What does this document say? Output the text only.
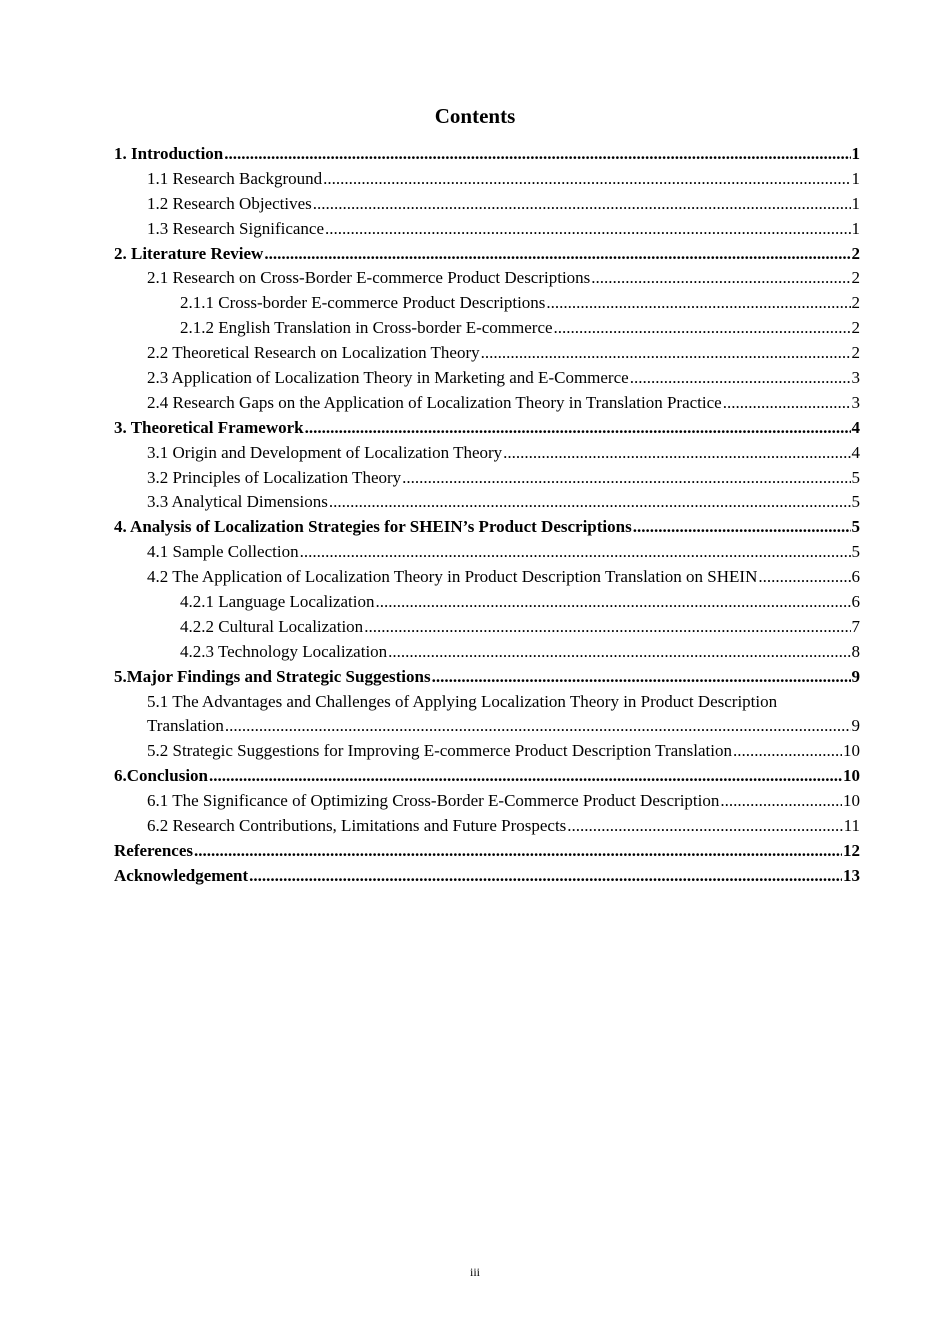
Contents
1. Introduction .....	1
1.1 Research Background .....	1
1.2 Research Objectives .....	1
1.3 Research Significance .....	1
2. Literature Review .....	2
2.1 Research on Cross-Border E-commerce Product Descriptions .....	2
2.1.1 Cross-border E-commerce Product Descriptions .....	2
2.1.2 English Translation in Cross-border E-commerce .....	2
2.2 Theoretical Research on Localization Theory .....	2
2.3 Application of Localization Theory in Marketing and E-Commerce .....	3
2.4 Research Gaps on the Application of Localization Theory in Translation Practice .....	3
3. Theoretical Framework .....	4
3.1 Origin and Development of Localization Theory .....	4
3.2 Principles of Localization Theory .....	5
3.3 Analytical Dimensions .....	5
4. Analysis of Localization Strategies for SHEIN’s Product Descriptions .....	5
4.1 Sample Collection .....	5
4.2 The Application of Localization Theory in Product Description Translation on SHEIN .....	6
4.2.1 Language Localization .....	6
4.2.2 Cultural Localization .....	7
4.2.3 Technology Localization .....	8
5. Major Findings and Strategic Suggestions .....	9
5.1 The Advantages and Challenges of Applying Localization Theory in Product Description
Translation .....	9
5.2 Strategic Suggestions for Improving E-commerce Product Description Translation .....	10
6. Conclusion .....	10
6.1 The Significance of Optimizing Cross-Border E-Commerce Product Description .....	10
6.2 Research Contributions, Limitations and Future Prospects .....	11
References .....	12
Acknowledgement .....	13
iii
